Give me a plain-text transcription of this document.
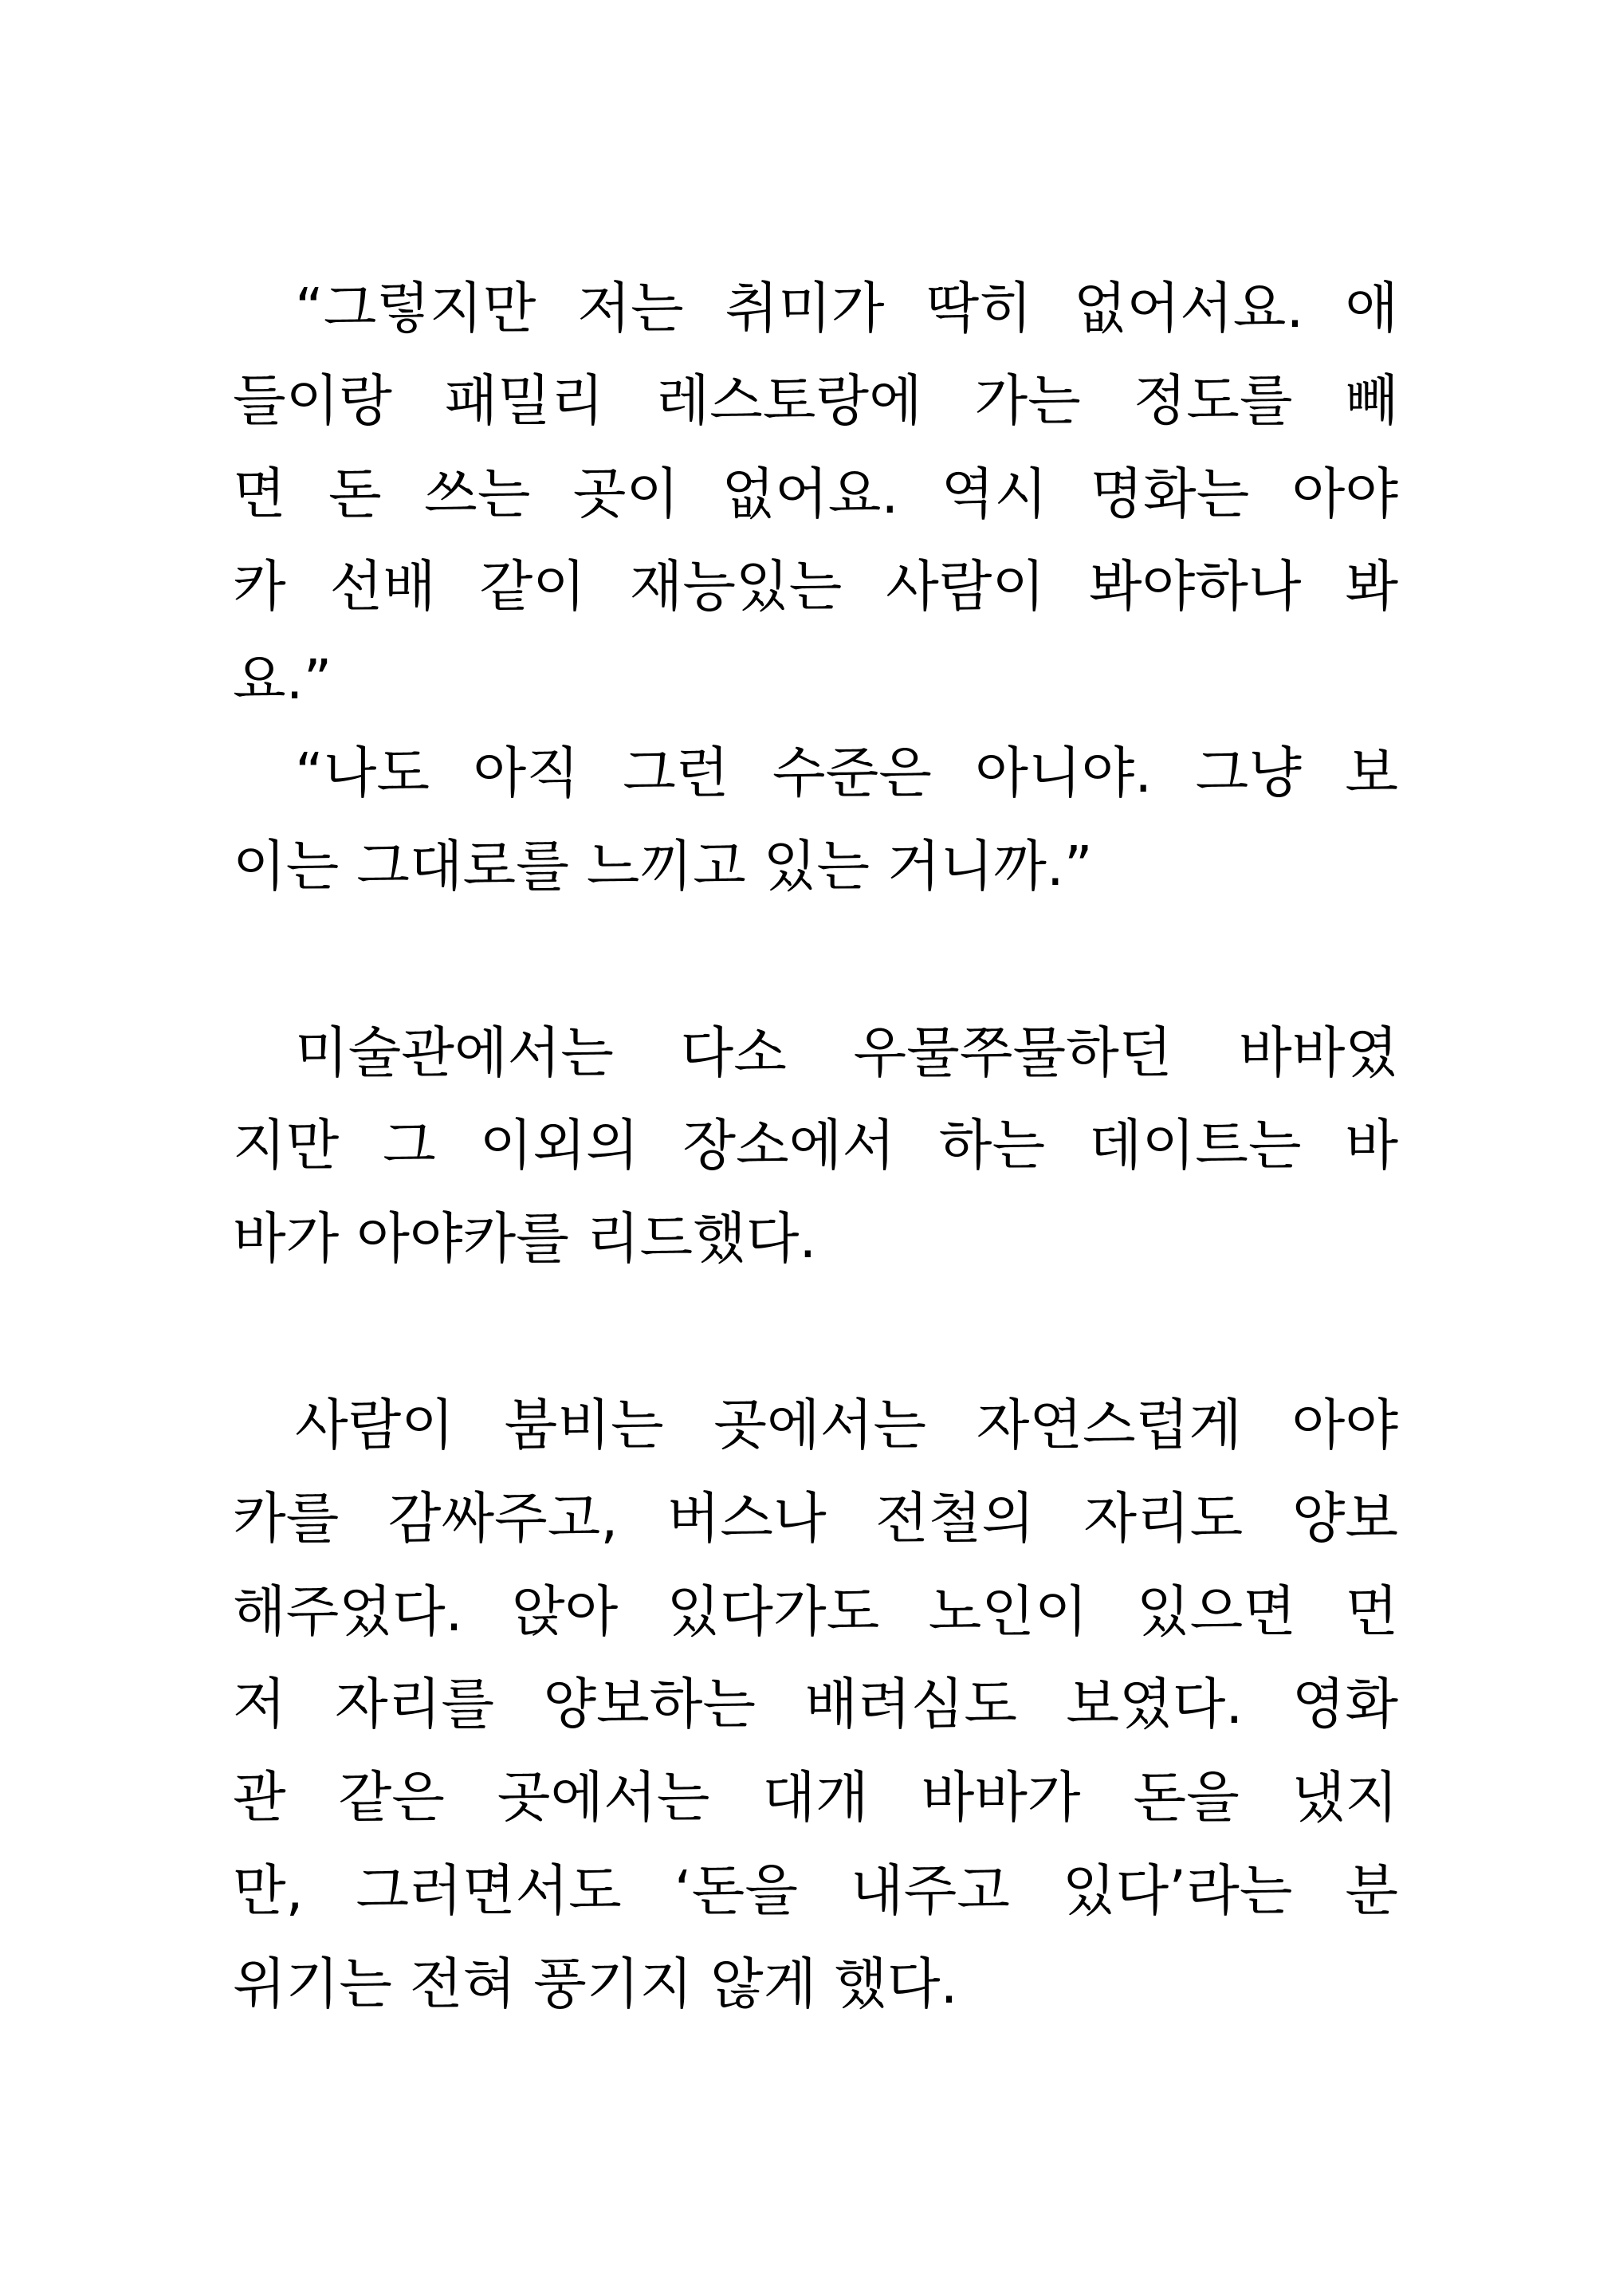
“그렇지만 저는 취미가 딱히 없어서요. 애

들이랑 패밀리 레스토랑에 가는 정도를 빼

면 돈 쓰는 곳이 없어요. 역시 명화는 아야

카 선배 같이 재능있는 사람이 봐야하나 봐

요.”

“나도 아직 그런 수준은 아니야. 그냥 보

이는 그대로를 느끼고 있는 거니까.”

미술관에서는 다소 우물쭈물하던 바바였

지만 그 이외의 장소에서 하는 데이트는 바

바가 아야카를 리드했다.

사람이 붐비는 곳에서는 자연스럽게 아야

카를 감싸주고, 버스나 전철의 자리도 양보

해주었다. 앉아 있다가도 노인이 있으면 먼

저 자리를 양보하는 배려심도 보였다. 영화

관 같은 곳에서는 대개 바바가 돈을 냈지

만, 그러면서도 ‘돈을 내주고 있다’라는 분

위기는 전혀 풍기지 않게 했다.
